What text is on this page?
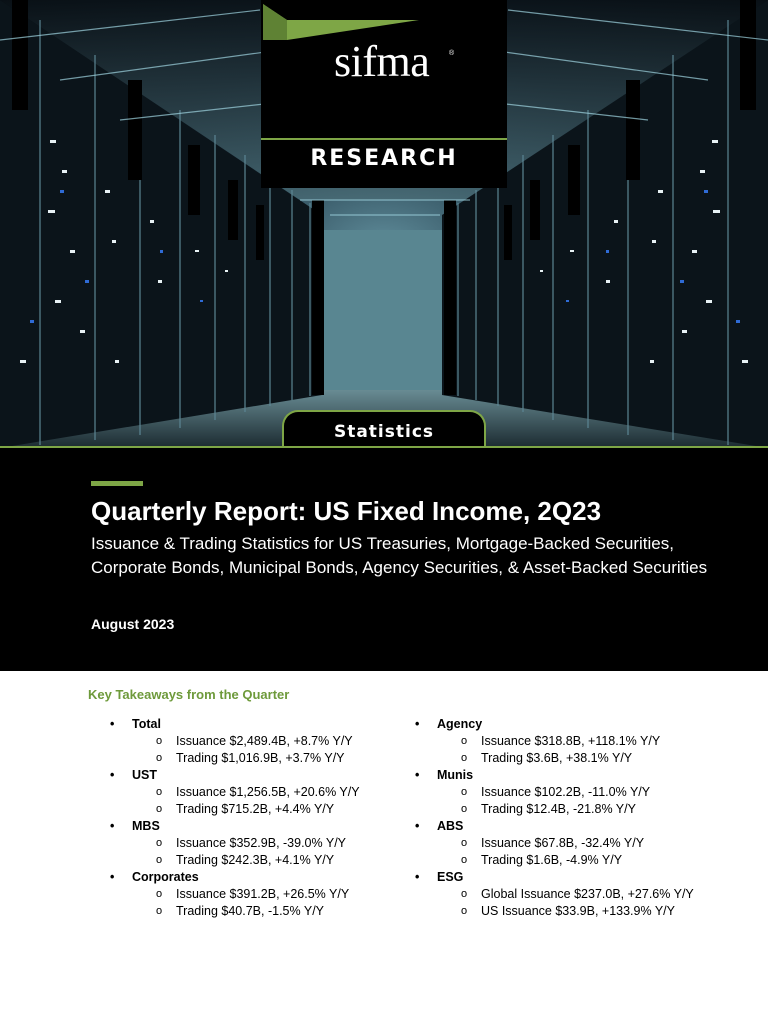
sifma	®
RESEARCH
Statistics
Quarterly Report: US Fixed Income, 2Q23
Issuance & Trading Statistics for US Treasuries, Mortgage-Backed Securities,
Corporate Bonds, Municipal Bonds, Agency Securities, & Asset-Backed Securities
August 2023
Key Takeaways from the Quarter
• Total
o Issuance $2,489.4B, +8.7% Y/Y
o Trading $1,016.9B, +3.7% Y/Y
• UST
o Issuance $1,256.5B, +20.6% Y/Y
o Trading $715.2B, +4.4% Y/Y
• MBS
o Issuance $352.9B, -39.0% Y/Y
o Trading $242.3B, +4.1% Y/Y
• Corporates
o Issuance $391.2B, +26.5% Y/Y
o Trading $40.7B, -1.5% Y/Y
• Agency
o Issuance $318.8B, +118.1% Y/Y
o Trading $3.6B, +38.1% Y/Y
• Munis
o Issuance $102.2B, -11.0% Y/Y
o Trading $12.4B, -21.8% Y/Y
• ABS
o Issuance $67.8B, -32.4% Y/Y
o Trading $1.6B, -4.9% Y/Y
• ESG
o Global Issuance $237.0B, +27.6% Y/Y
o US Issuance $33.9B, +133.9% Y/Y
